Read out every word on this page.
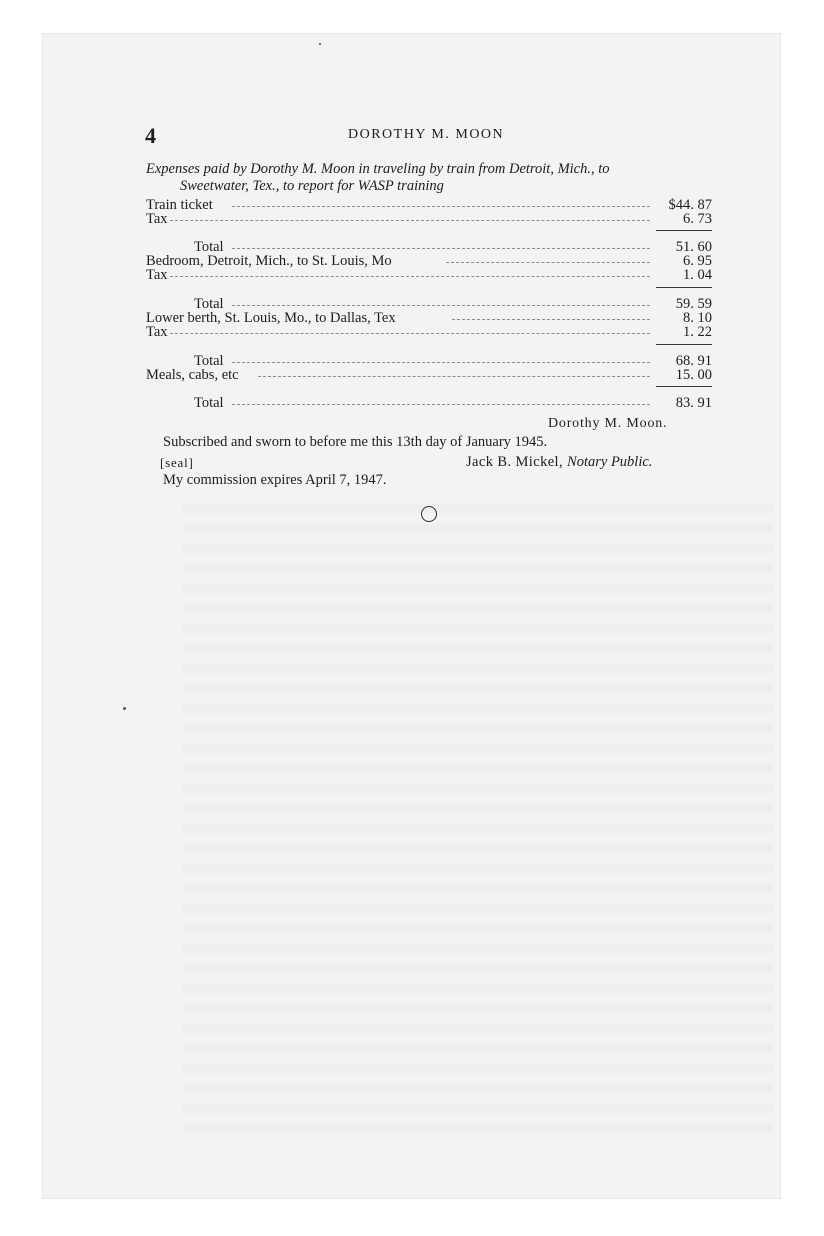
4	DOROTHY M. MOON
Expenses paid by Dorothy M. Moon in traveling by train from Detroit, Mich., to
Sweetwater, Tex., to report for WASP training
Train ticket	$44. 87
Tax	6. 73
Total	51. 60
Bedroom, Detroit, Mich., to St. Louis, Mo	6. 95
Tax	1. 04
Total	59. 59
Lower berth, St. Louis, Mo., to Dallas, Tex	8. 10
Tax	1. 22
Total	68. 91
Meals, cabs, etc	15. 00
Total	83. 91
Dorothy M. Moon.
Subscribed and sworn to before me this 13th day of January 1945.
[seal]	Jack B. Mickel, Notary Public.
My commission expires April 7, 1947.
